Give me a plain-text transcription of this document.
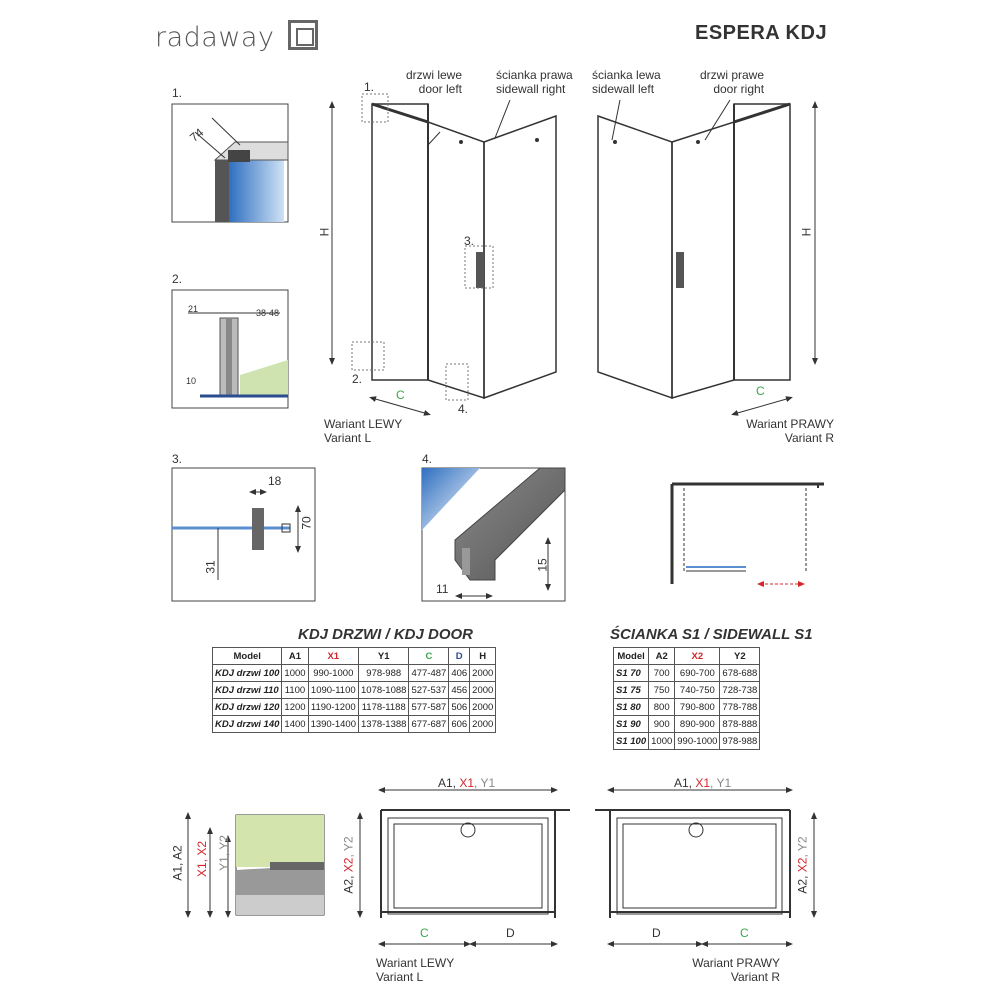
radaway	ESPERA KDJ
1.
74
2.
21	38-48
10
3.
18
70
31
4.
15
11
1.
2.
3.
4.
drzwi lewe
door left
ścianka prawa
sidewall right
H
C
Wariant LEWY
Variant L
ścianka lewa
sidewall left
drzwi prawe
door right
H
C
Wariant PRAWY
Variant R
KDJ DRZWI / KDJ DOOR
Model	A1	X1	Y1	C	D	H
KDJ drzwi 100	1000	990-1000	978-988	477-487	406	2000
KDJ drzwi 110	1100	1090-1100	1078-1088	527-537	456	2000
KDJ drzwi 120	1200	1190-1200	1178-1188	577-587	506	2000
KDJ drzwi 140	1400	1390-1400	1378-1388	677-687	606	2000
ŚCIANKA S1 / SIDEWALL S1
Model	A2	X2	Y2
S1 70	700	690-700	678-688
S1 75	750	740-750	728-738
S1 80	800	790-800	778-788
S1 90	900	890-900	878-888
S1 100	1000	990-1000	978-988
A1, A2 X1, X2 Y1, Y2
A1, X1, Y1
A2, X2, Y2
C	D
Wariant LEWY
Variant L
A1, X1, Y1
A2, X2, Y2
D	C
Wariant PRAWY
Variant R
